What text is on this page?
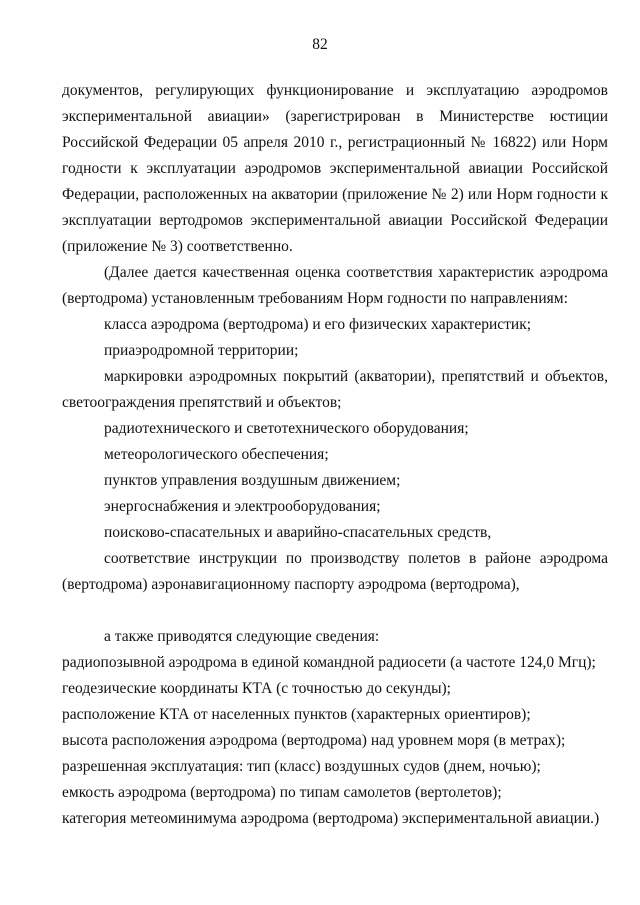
82

документов, регулирующих функционирование и эксплуатацию аэродромов экспериментальной авиации» (зарегистрирован в Министерстве юстиции Российской Федерации 05 апреля 2010 г., регистрационный № 16822) или Норм годности к эксплуатации аэродромов экспериментальной авиации Российской Федерации, расположенных на акватории (приложение № 2) или Норм годности к эксплуатации вертодромов экспериментальной авиации Российской Федерации (приложение № 3) соответственно.

(Далее дается качественная оценка соответствия характеристик аэродрома (вертодрома) установленным требованиям Норм годности по направлениям:

класса аэродрома (вертодрома) и его физических характеристик;

приаэродромной территории;

маркировки аэродромных покрытий (акватории), препятствий и объектов, светоограждения препятствий и объектов;

радиотехнического и светотехнического оборудования;

метеорологического обеспечения;

пунктов управления воздушным движением;

энергоснабжения и электрооборудования;

поисково-спасательных и аварийно-спасательных средств,

соответствие инструкции по производству полетов в районе аэродрома (вертодрома) аэронавигационному паспорту аэродрома (вертодрома),

а также приводятся следующие сведения:

радиопозывной аэродрома в единой командной радиосети (а частоте 124,0 Мгц);

геодезические координаты КТА (с точностью до секунды);

расположение КТА от населенных пунктов (характерных ориентиров);

высота расположения аэродрома (вертодрома) над уровнем моря (в метрах);

разрешенная эксплуатация: тип (класс) воздушных судов (днем, ночью);

емкость аэродрома (вертодрома) по типам самолетов (вертолетов);

категория метеоминимума аэродрома (вертодрома) экспериментальной авиации.)
